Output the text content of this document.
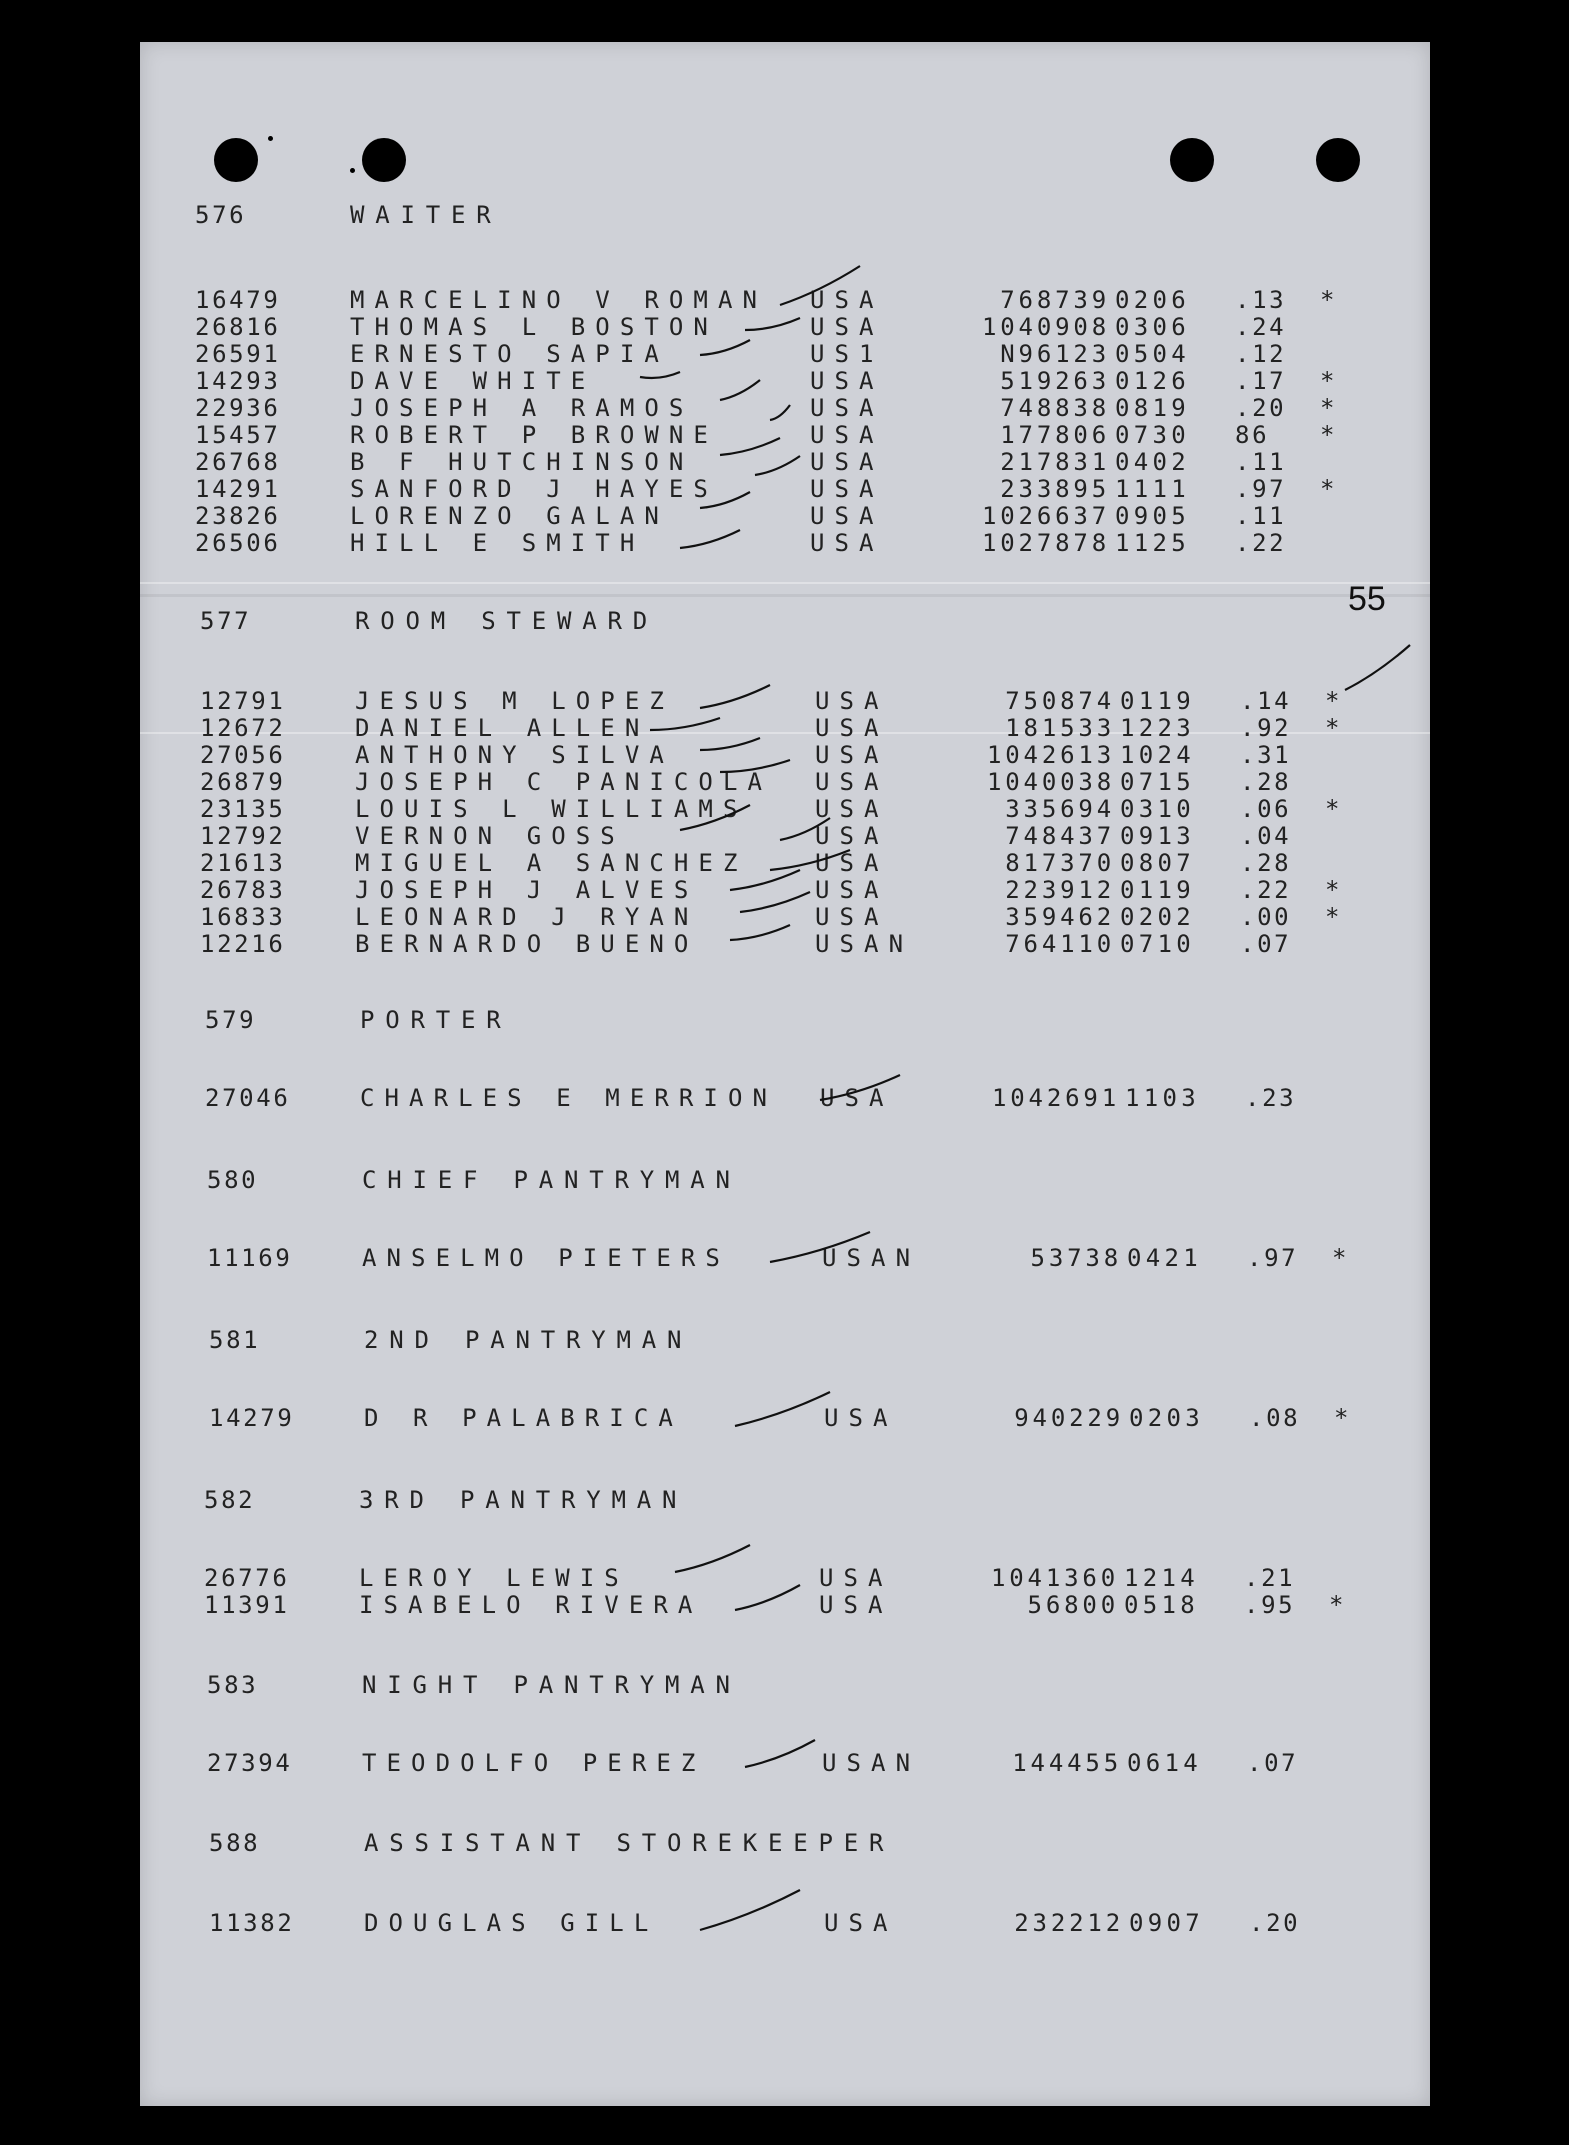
55
576	WAITER
16479	MARCELINO V ROMAN USA	768739 0206 .13 *
26816	THOMAS L BOSTON	USA	1040908 0306 .24
26591	ERNESTO SAPIA	US1	N96123 0504 .12
14293	DAVE WHITE	USA	519263 0126 .17 *
22936	JOSEPH A RAMOS	USA	748838 0819 .20 *
15457	ROBERT P BROWNE	USA	177806 0730 86 *
26768	B F HUTCHINSON	USA	217831 0402 .11
14291	SANFORD J HAYES	USA	233895 1111 .97 *
23826	LORENZO GALAN	USA	1026637 0905 .11
26506	HILL E SMITH	USA	1027878 1125 .22
577	ROOM STEWARD
12791	JESUS M LOPEZ	USA	750874 0119 .14 *
12672	DANIEL ALLEN	USA	181533 1223 .92 *
27056	ANTHONY SILVA	USA	1042613 1024 .31
26879	JOSEPH C PANICOLA USA	1040038 0715 .28
23135	LOUIS L WILLIAMS	USA	335694 0310 .06 *
12792	VERNON GOSS	USA	748437 0913 .04
21613	MIGUEL A SANCHEZ	USA	817370 0807 .28
26783	JOSEPH J ALVES	USA	223912 0119 .22 *
16833	LEONARD J RYAN	USA	359462 0202 .00 *
12216	BERNARDO BUENO	USAN	764110 0710 .07
579	PORTER
27046	CHARLES E MERRION USA	1042691 1103 .23
580	CHIEF PANTRYMAN
11169	ANSELMO PIETERS	USAN	53738 0421 .97 *
581	2ND PANTRYMAN
14279	D R PALABRICA	USA	940229 0203 .08 *
582	3RD PANTRYMAN
26776	LEROY LEWIS	USA	1041360 1214 .21
11391	ISABELO RIVERA	USA	56800 0518 .95 *
583	NIGHT PANTRYMAN
27394	TEODOLFO PEREZ	USAN	144455 0614 .07
588	ASSISTANT STOREKEEPER
11382	DOUGLAS GILL	USA	232212 0907 .20
